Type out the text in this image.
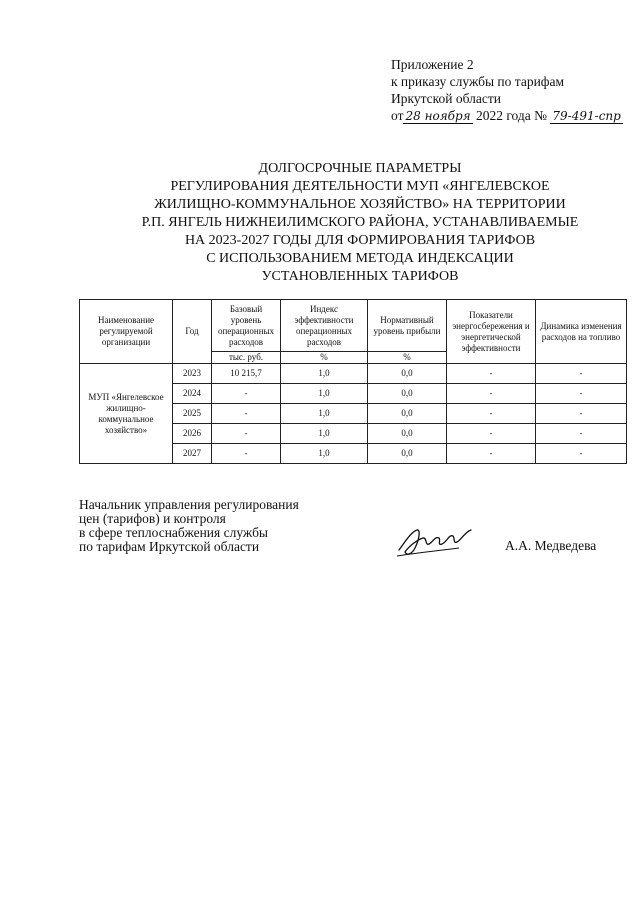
Приложение 2
к приказу службы по тарифам
Иркутской области
от 28 ноября 2022 года № 79-491-спр
ДОЛГОСРОЧНЫЕ ПАРАМЕТРЫ
РЕГУЛИРОВАНИЯ ДЕЯТЕЛЬНОСТИ МУП «ЯНГЕЛЕВСКОЕ
ЖИЛИЩНО-КОММУНАЛЬНОЕ ХОЗЯЙСТВО» НА ТЕРРИТОРИИ
Р.П. ЯНГЕЛЬ НИЖНЕИЛИМСКОГО РАЙОНА, УСТАНАВЛИВАЕМЫЕ
НА 2023-2027 ГОДЫ ДЛЯ ФОРМИРОВАНИЯ ТАРИФОВ
С ИСПОЛЬЗОВАНИЕМ МЕТОДА ИНДЕКСАЦИИ
УСТАНОВЛЕННЫХ ТАРИФОВ
Наименование регулируемой организации	Год	Базовый уровень операционных расходов	Индекс эффективности операционных расходов	Нормативный уровень прибыли	Показатели энергосбережения и энергетической эффективности	Динамика изменения расходов на топливо
		тыс. руб.	%	%		
МУП «Янгелевское жилищно-коммунальное хозяйство»	2023	10 215,7	1,0	0,0	-	-
	2024	-	1,0	0,0	-	-
	2025	-	1,0	0,0	-	-
	2026	-	1,0	0,0	-	-
	2027	-	1,0	0,0	-	-
Начальник управления регулирования
цен (тарифов) и контроля
в сфере теплоснабжения службы
по тарифам Иркутской области	А.А. Медведева
